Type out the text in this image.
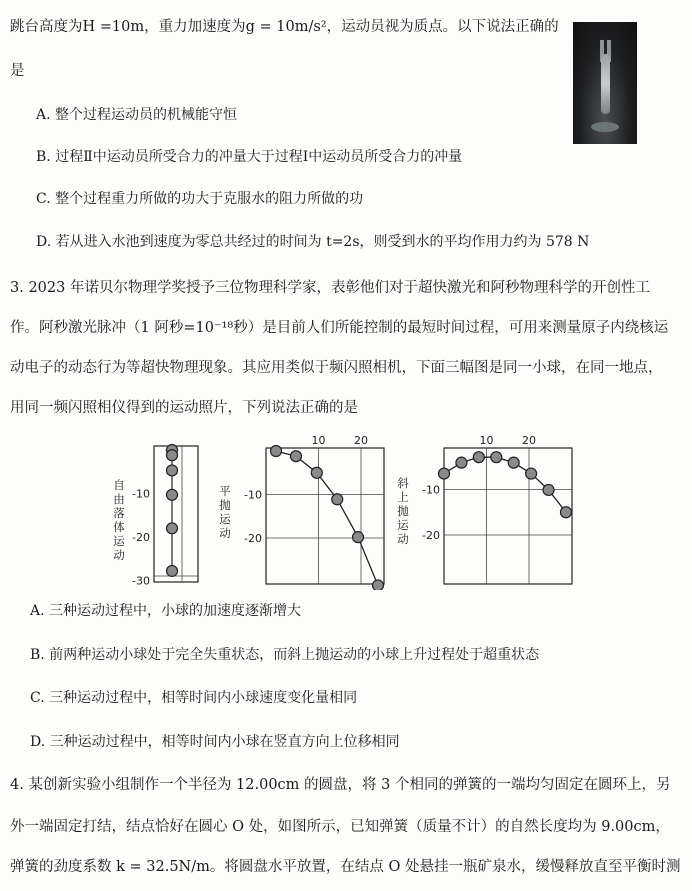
跳台高度为H =10m，重力加速度为g = 10m/s²，运动员视为质点。以下说法正确的
是
A. 整个过程运动员的机械能守恒
B. 过程Ⅱ中运动员所受合力的冲量大于过程Ⅰ中运动员所受合力的冲量
C. 整个过程重力所做的功大于克服水的阻力所做的功
D. 若从进入水池到速度为零总共经过的时间为 t=2s，则受到水的平均作用力约为 578 N
3. 2023 年诺贝尔物理学奖授予三位物理科学家，表彰他们对于超快激光和阿秒物理科学的开创性工
作。阿秒激光脉冲（1 阿秒=10⁻¹⁸秒）是目前人们所能控制的最短时间过程，可用来测量原子内绕核运
动电子的动态行为等超快物理现象。其应用类似于频闪照相机，下面三幅图是同一小球，在同一地点，
用同一频闪照相仪得到的运动照片，下列说法正确的是
自由落体运动
-10
-20
-30
平抛运动
10	20
-10
-20
斜上抛运动
10	20
-10
-20
A. 三种运动过程中，小球的加速度逐渐增大
B. 前两种运动小球处于完全失重状态，而斜上抛运动的小球上升过程处于超重状态
C. 三种运动过程中，相等时间内小球速度变化量相同
D. 三种运动过程中，相等时间内小球在竖直方向上位移相同
4. 某创新实验小组制作一个半径为 12.00cm 的圆盘，将 3 个相同的弹簧的一端均匀固定在圆环上，另
外一端固定打结，结点恰好在圆心 O 处，如图所示，已知弹簧（质量不计）的自然长度均为 9.00cm，
弹簧的劲度系数 k = 32.5N/m。将圆盘水平放置，在结点 O 处悬挂一瓶矿泉水，缓慢释放直至平衡时测
